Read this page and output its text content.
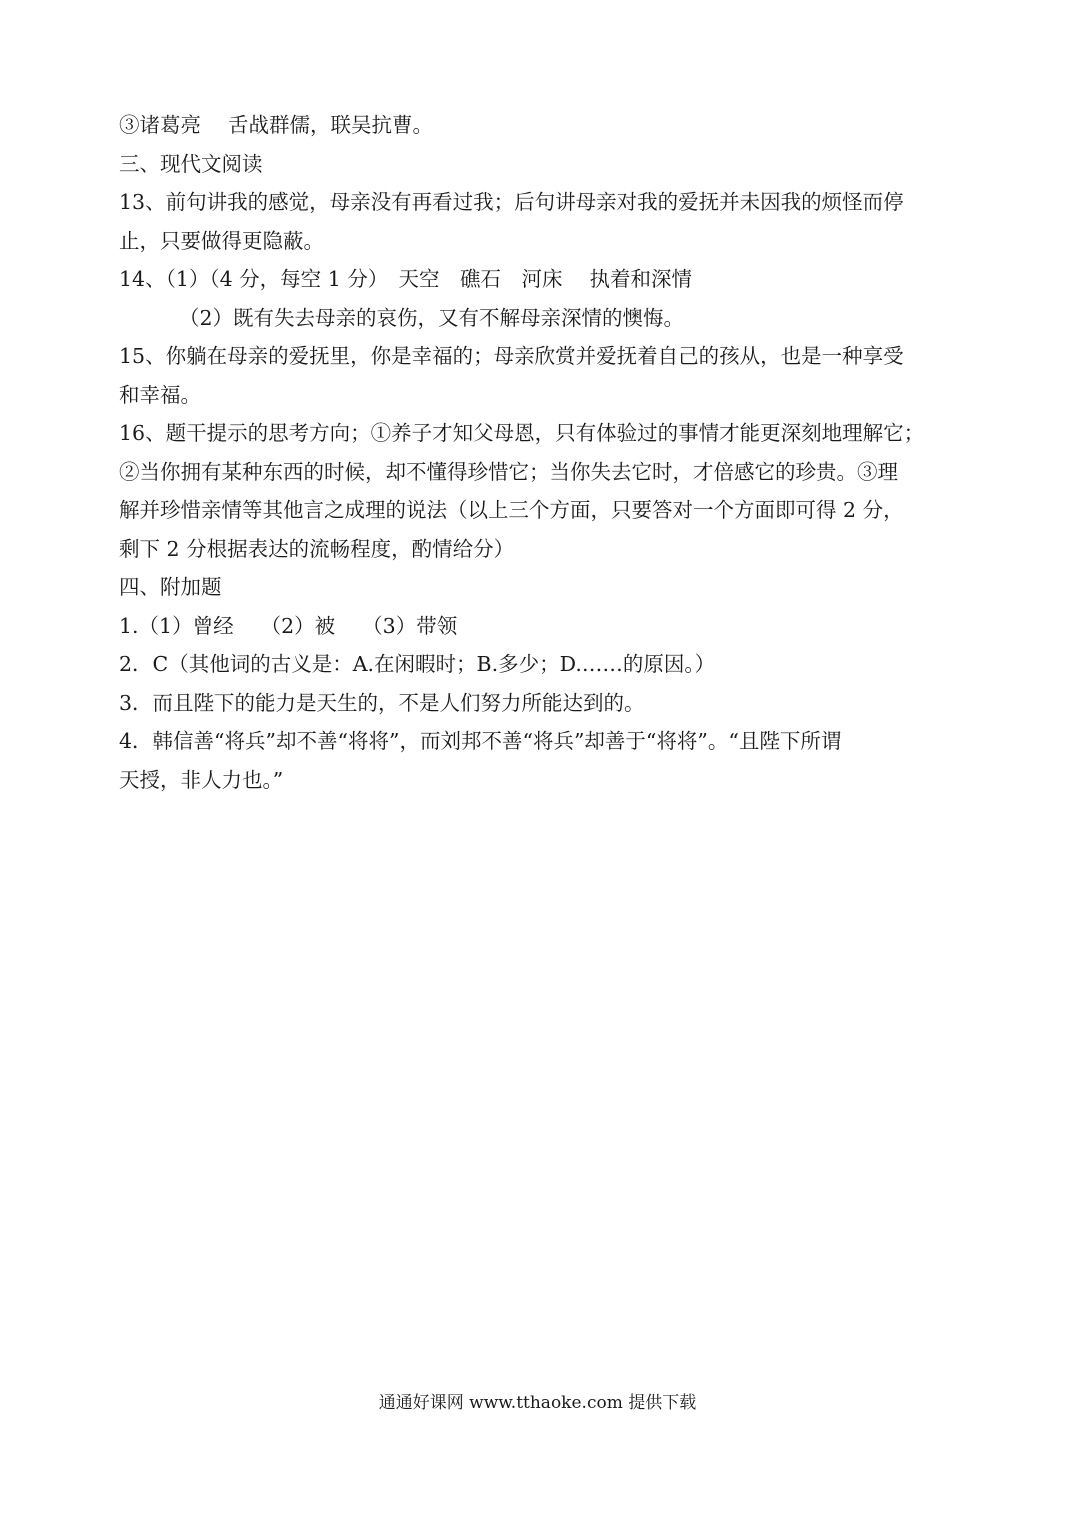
③诸葛亮　 舌战群儒，联吴抗曹。
三、现代文阅读
13、前句讲我的感觉，母亲没有再看过我；后句讲母亲对我的爱抚并未因我的烦怪而停
止，只要做得更隐蔽。
14、（1）（4 分，每空 1 分）　天空　礁石　河床　 执着和深情
（2）既有失去母亲的哀伤，又有不解母亲深情的懊悔。
15、你躺在母亲的爱抚里，你是幸福的；母亲欣赏并爱抚着自己的孩从，也是一种享受
和幸福。
16、题干提示的思考方向；①养子才知父母恩，只有体验过的事情才能更深刻地理解它；
②当你拥有某种东西的时候，却不懂得珍惜它；当你失去它时，才倍感它的珍贵。③理
解并珍惜亲情等其他言之成理的说法（以上三个方面，只要答对一个方面即可得 2 分，
剩下 2 分根据表达的流畅程度，酌情给分）
四、附加题
1.（1）曾经　 （2）被　 （3）带领
2．C（其他词的古义是：A.在闲暇时；B.多少；D.……的原因。）
3．而且陛下的能力是天生的，不是人们努力所能达到的。
4．韩信善“将兵”却不善“将将”，而刘邦不善“将兵”却善于“将将”。“且陛下所谓
天授，非人力也。”
通通好课网 www.tthaoke.com 提供下载
